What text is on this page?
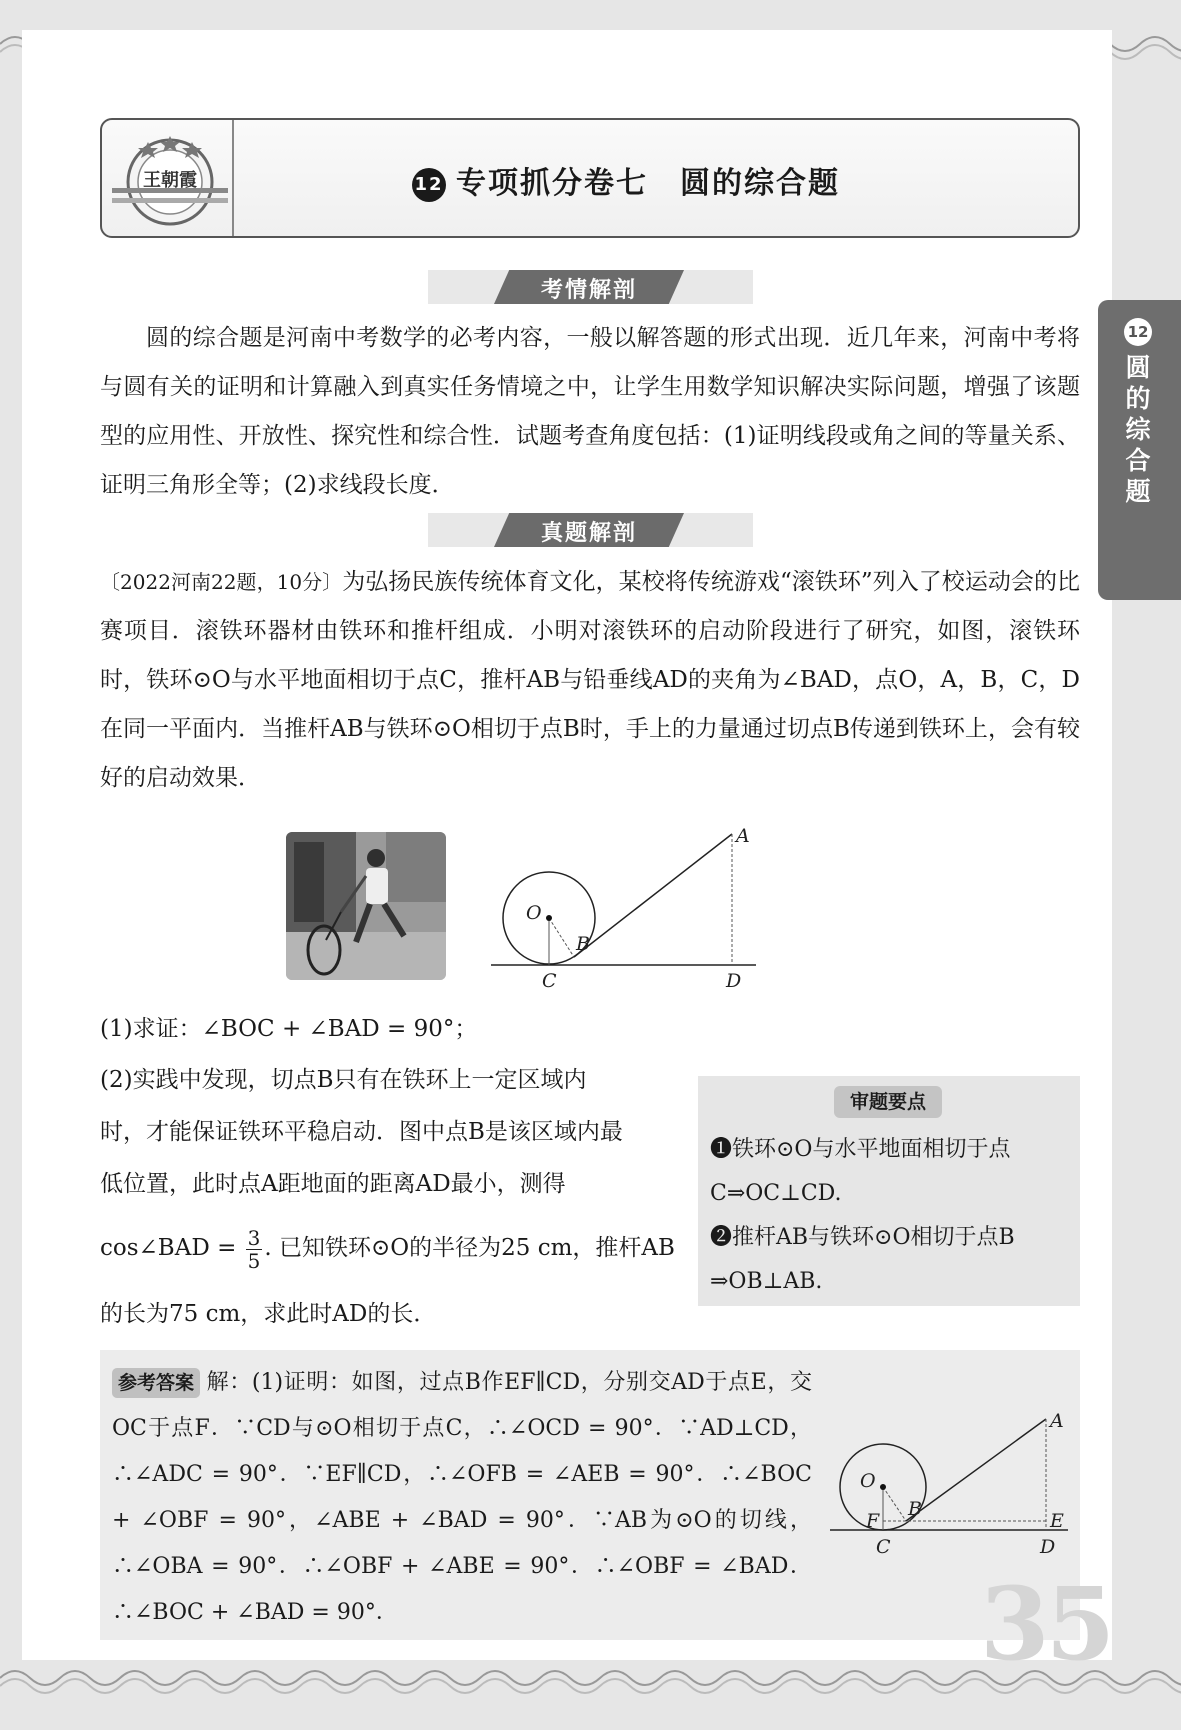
王朝霞	12 专项抓分卷七　圆的综合题
12
圆的综合题
考情解剖
圆的综合题是河南中考数学的必考内容，一般以解答题的形式出现．近几年来，河南中考将与圆有关的证明和计算融入到真实任务情境之中，让学生用数学知识解决实际问题，增强了该题型的应用性、开放性、探究性和综合性．试题考查角度包括：(1)证明线段或角之间的等量关系、证明三角形全等；(2)求线段长度．
真题解剖
〔2022河南22题，10分〕为弘扬民族传统体育文化，某校将传统游戏“滚铁环”列入了校运动会的比赛项目．滚铁环器材由铁环和推杆组成．小明对滚铁环的启动阶段进行了研究，如图，滚铁环时，铁环⊙O与水平地面相切于点C，推杆AB与铅垂线AD的夹角为∠BAD，点O，A，B，C，D在同一平面内．当推杆AB与铁环⊙O相切于点B时，手上的力量通过切点B传递到铁环上，会有较好的启动效果．
A
O
B
C	D
(1)求证：∠BOC + ∠BAD = 90°；
(2)实践中发现，切点B只有在铁环上一定区域内
时，才能保证铁环平稳启动．图中点B是该区域内最
低位置，此时点A距地面的距离AD最小，测得
cos∠BAD = $\frac{3}{5}$ . 已知铁环⊙O的半径为25 cm，推杆AB
的长为75 cm，求此时AD的长．
审题要点
❶铁环⊙O与水平地面相切于点
C⇒OC⊥CD.
❷推杆AB与铁环⊙O相切于点B
⇒OB⊥AB.
参考答案 解：(1)证明：如图，过点B作EF∥CD，分别交AD于点E，交OC于点F．∵CD与⊙O相切于点C，∴∠OCD = 90°．∵AD⊥CD，∴∠ADC = 90°．∵EF∥CD，∴∠OFB = ∠AEB = 90°．∴∠BOC + ∠OBF = 90°，∠ABE + ∠BAD = 90°．∵AB为⊙O的切线，∴∠OBA = 90°．∴∠OBF + ∠ABE = 90°．∴∠OBF = ∠BAD．∴∠BOC + ∠BAD = 90°．
A
O
B
F	E
C	D
35
